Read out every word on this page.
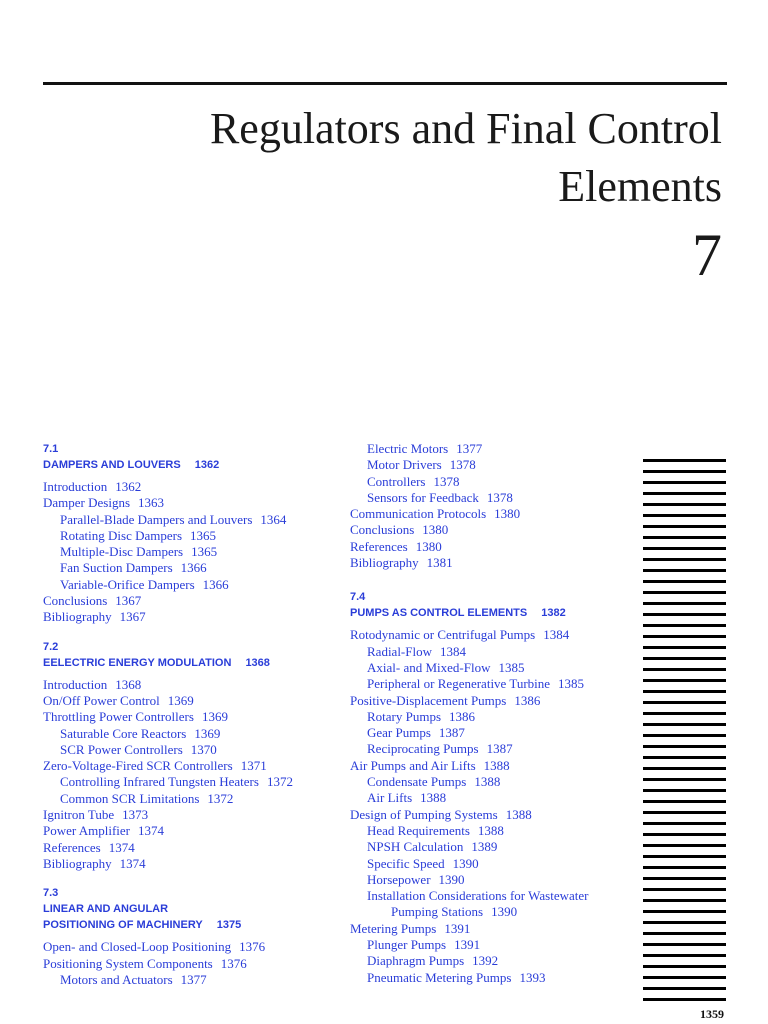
Regulators and Final Control
Elements
7
7.1
DAMPERS AND LOUVERS 1362
Introduction 1362
Damper Designs 1363
Parallel-Blade Dampers and Louvers 1364
Rotating Disc Dampers 1365
Multiple-Disc Dampers 1365
Fan Suction Dampers 1366
Variable-Orifice Dampers 1366
Conclusions 1367
Bibliography 1367
7.2
EELECTRIC ENERGY MODULATION 1368
Introduction 1368
On/Off Power Control 1369
Throttling Power Controllers 1369
Saturable Core Reactors 1369
SCR Power Controllers 1370
Zero-Voltage-Fired SCR Controllers 1371
Controlling Infrared Tungsten Heaters 1372
Common SCR Limitations 1372
Ignitron Tube 1373
Power Amplifier 1374
References 1374
Bibliography 1374
7.3
LINEAR AND ANGULAR
POSITIONING OF MACHINERY 1375
Open- and Closed-Loop Positioning 1376
Positioning System Components 1376
Motors and Actuators 1377
Electric Motors 1377
Motor Drivers 1378
Controllers 1378
Sensors for Feedback 1378
Communication Protocols 1380
Conclusions 1380
References 1380
Bibliography 1381
7.4
PUMPS AS CONTROL ELEMENTS 1382
Rotodynamic or Centrifugal Pumps 1384
Radial-Flow 1384
Axial- and Mixed-Flow 1385
Peripheral or Regenerative Turbine 1385
Positive-Displacement Pumps 1386
Rotary Pumps 1386
Gear Pumps 1387
Reciprocating Pumps 1387
Air Pumps and Air Lifts 1388
Condensate Pumps 1388
Air Lifts 1388
Design of Pumping Systems 1388
Head Requirements 1388
NPSH Calculation 1389
Specific Speed 1390
Horsepower 1390
Installation Considerations for Wastewater
Pumping Stations 1390
Metering Pumps 1391
Plunger Pumps 1391
Diaphragm Pumps 1392
Pneumatic Metering Pumps 1393
1359
